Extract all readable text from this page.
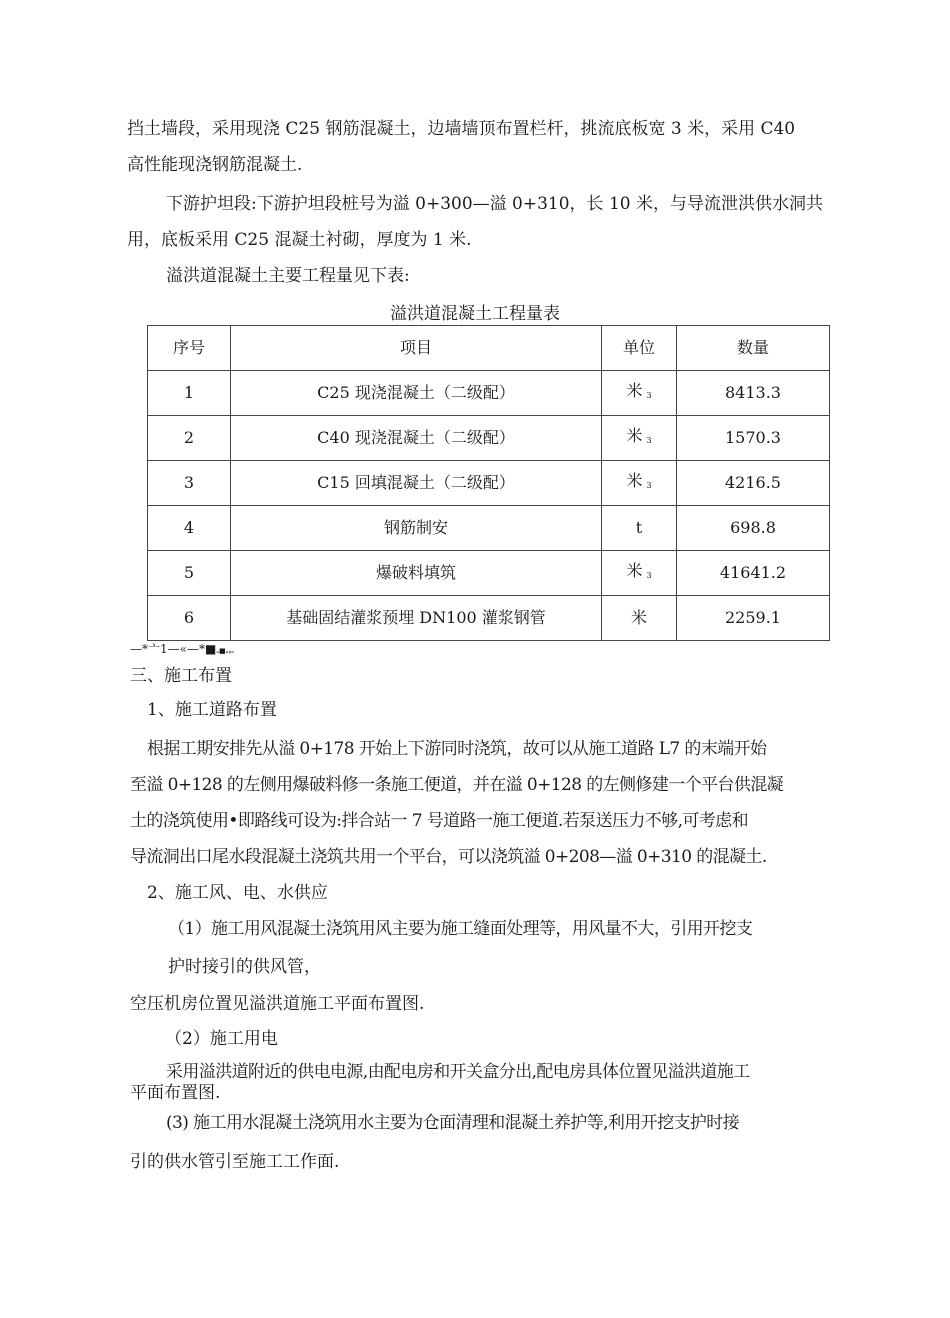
挡土墙段，采用现浇 C25 钢筋混凝土，边墙墙顶布置栏杆，挑流底板宽 3 米，采用 C40
高性能现浇钢筋混凝土.
下游护坦段:下游护坦段桩号为溢 0+300—溢 0+310，长 10 米，与导流泄洪供水洞共
用，底板采用 C25 混凝土衬砌，厚度为 1 米.
溢洪道混凝土主要工程量见下表:
溢洪道混凝土工程量表
序号	项目	单位	数量
1	C25 现浇混凝土（二级配）	米 $^3$	8413.3
2	C40 现浇混凝土（二级配）	米 $^3$	1570.3
3	C15 回填混凝土（二级配）	米 $^3$	4216.5
4	钢筋制安	t	698.8
5	爆破料填筑	米 $^3$	41641.2
6	基础固结灌浆预埋 DN100 灌浆钢管	米	2259.1
—*亠1—«—*■ₐ■ₚₚₙ
三、施工布置
1、施工道路布置
根据工期安排先从溢 0+178 开始上下游同时浇筑，故可以从施工道路 L7 的末端开始
至溢 0+128 的左侧用爆破料修一条施工便道，并在溢 0+128 的左侧修建一个平台供混凝
土的浇筑使用•即路线可设为:拌合站一 7 号道路一施工便道.若泵送压力不够,可考虑和
导流洞出口尾水段混凝土浇筑共用一个平台，可以浇筑溢 0+208—溢 0+310 的混凝土.
2、施工风、电、水供应
（1）施工用风混凝土浇筑用风主要为施工缝面处理等，用风量不大，引用开挖支
护时接引的供风管，
空压机房位置见溢洪道施工平面布置图.
（2）施工用电
采用溢洪道附近的供电电源,由配电房和开关盒分出,配电房具体位置见溢洪道施工
平面布置图.
(3) 施工用水混凝土浇筑用水主要为仓面清理和混凝土养护等,利用开挖支护时接
引的供水管引至施工工作面.
